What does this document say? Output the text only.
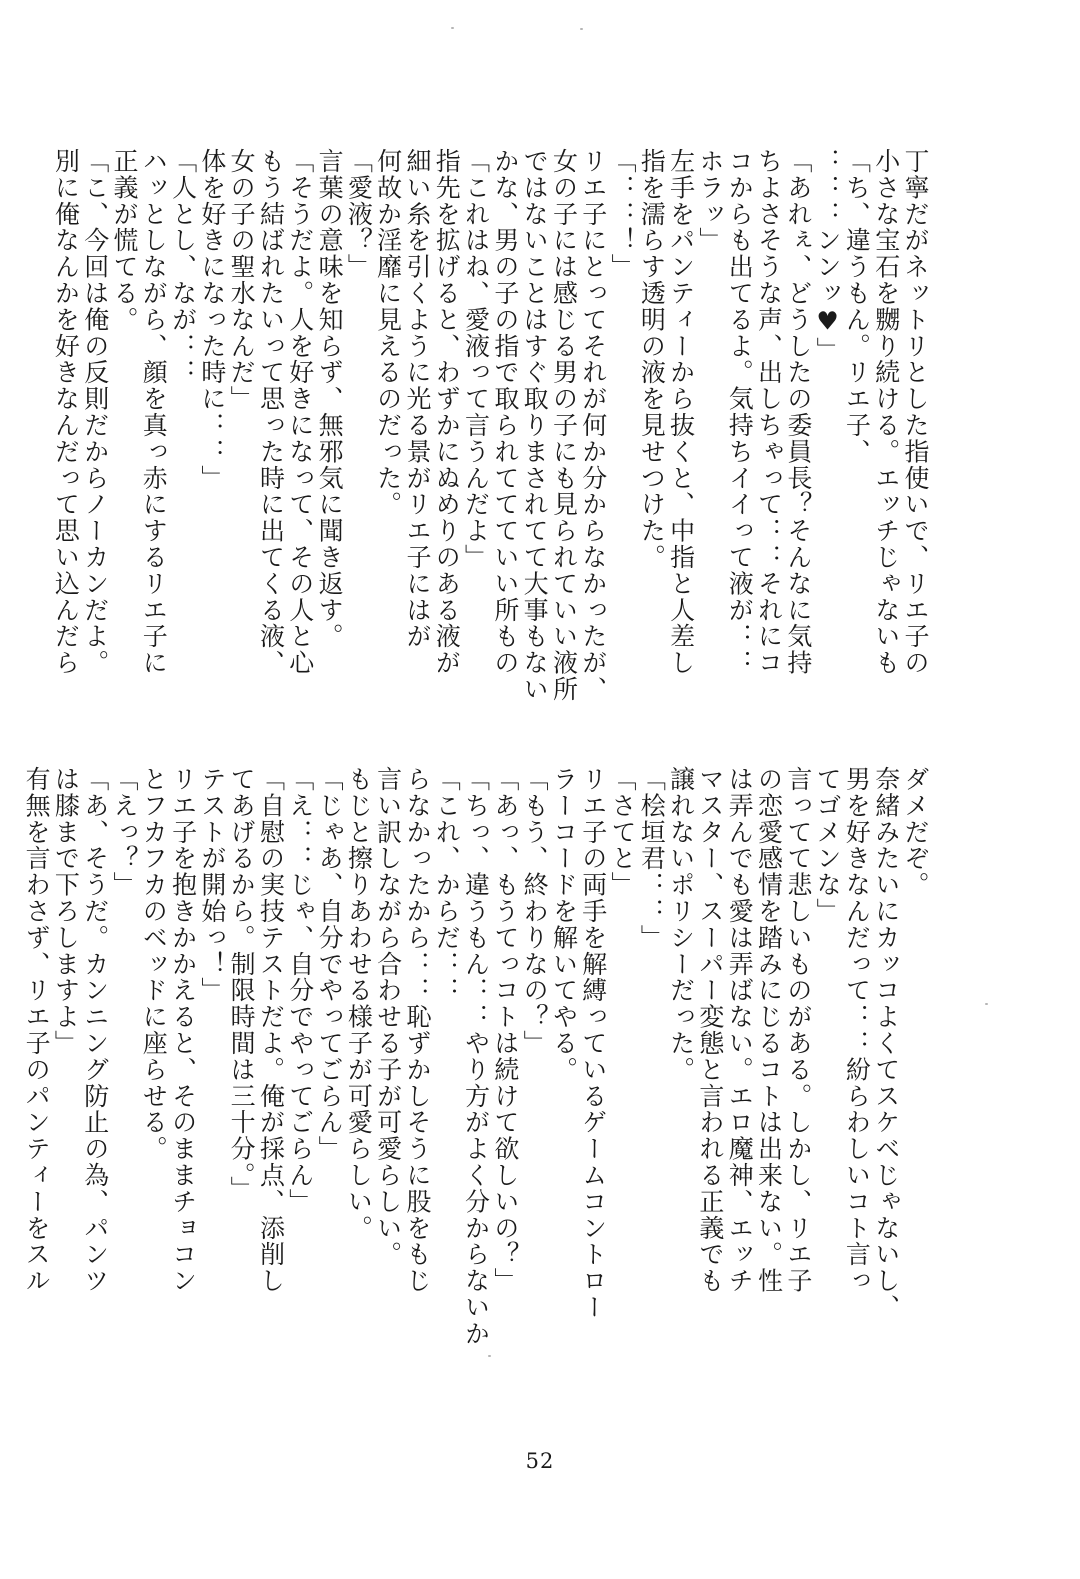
丁寧だがネットリとした指使いで、リエ子の
小さな宝石を嬲り続ける。エッチじゃないも
「ち、違うもん。リエ子、
：：：ンンッ♥」
「あれぇ、どうしたの委員長？そんなに気持
ちよさそうな声、出しちゃって：：それにコ
コからも出てるよ。気持ちイイって液が：：
ホラッ」
左手をパンティーから抜くと、中指と人差し
指を濡らす透明の液を見せつけた。
「：：！」
リエ子にとってそれが何か分からなかったが、
女の子には感じる男の子にも見られていい液所
ではないことはすぐ取りまされてて大事もない
かな、男の子の指で取られててていい所もの
「これはね、愛液って言うんだよ」
指先を拡げると、わずかにぬめりのある液が
細い糸を引くように光る景がリエ子にはが
何故か淫靡に見えるのだった。
「愛液？」
言葉の意味を知らず、無邪気に聞き返す。
「そうだよ。人を好きになって、その人と心
もう結ばれたいって思った時に出てくる液、
女の子の聖水なんだ」
体を好きになった時に：：」
「人とし、なが：：
ハッとしながら、顔を真っ赤にするリエ子に
正義が慌てる。
「こ、今回は俺の反則だからノーカンだよ。
別に俺なんかを好きなんだって思い込んだら
ダメだぞ。
奈緒みたいにカッコよくてスケベじゃないし、
男を好きなんだって：：紛らわしいコト言っ
てゴメンな」
言ってて悲しいものがある。しかし、リエ子
の恋愛感情を踏みにじるコトは出来ない。性
は弄んでも愛は弄ばない。エロ魔神、エッチ
マスター、スーパー変態と言われる正義でも
譲れないポリシーだった。
「桧垣君：：」
「さてと」
リエ子の両手を解縛っているゲームコントロー
ラーコードを解いてやる。
「もう、終わりなの？」
「あっ、もうてっコトは続けて欲しいの？」
「ちっ、違うもん：：やり方がよく分からないか
「これ、からだ：：
らなかったから：：恥ずかしそうに股をもじ
言い訳しながら合わせる子が可愛らしい。
もじと擦りあわせる様子が可愛らしい。
「じゃあ、自分でやってごらん」
「え：：じゃ、自分でやってごらん」
「自慰の実技テストだよ。俺が採点、添削し
てあげるから。制限時間は三十分。」
テストが開始っ！」
リエ子を抱きかかえると、そのままチョコン
とフカフカのベッドに座らせる。
「えっ？」
「あ、そうだ。カンニング防止の為、パンツ
は膝まで下ろしますよ」
有無を言わさず、リエ子のパンティーをスル
52
